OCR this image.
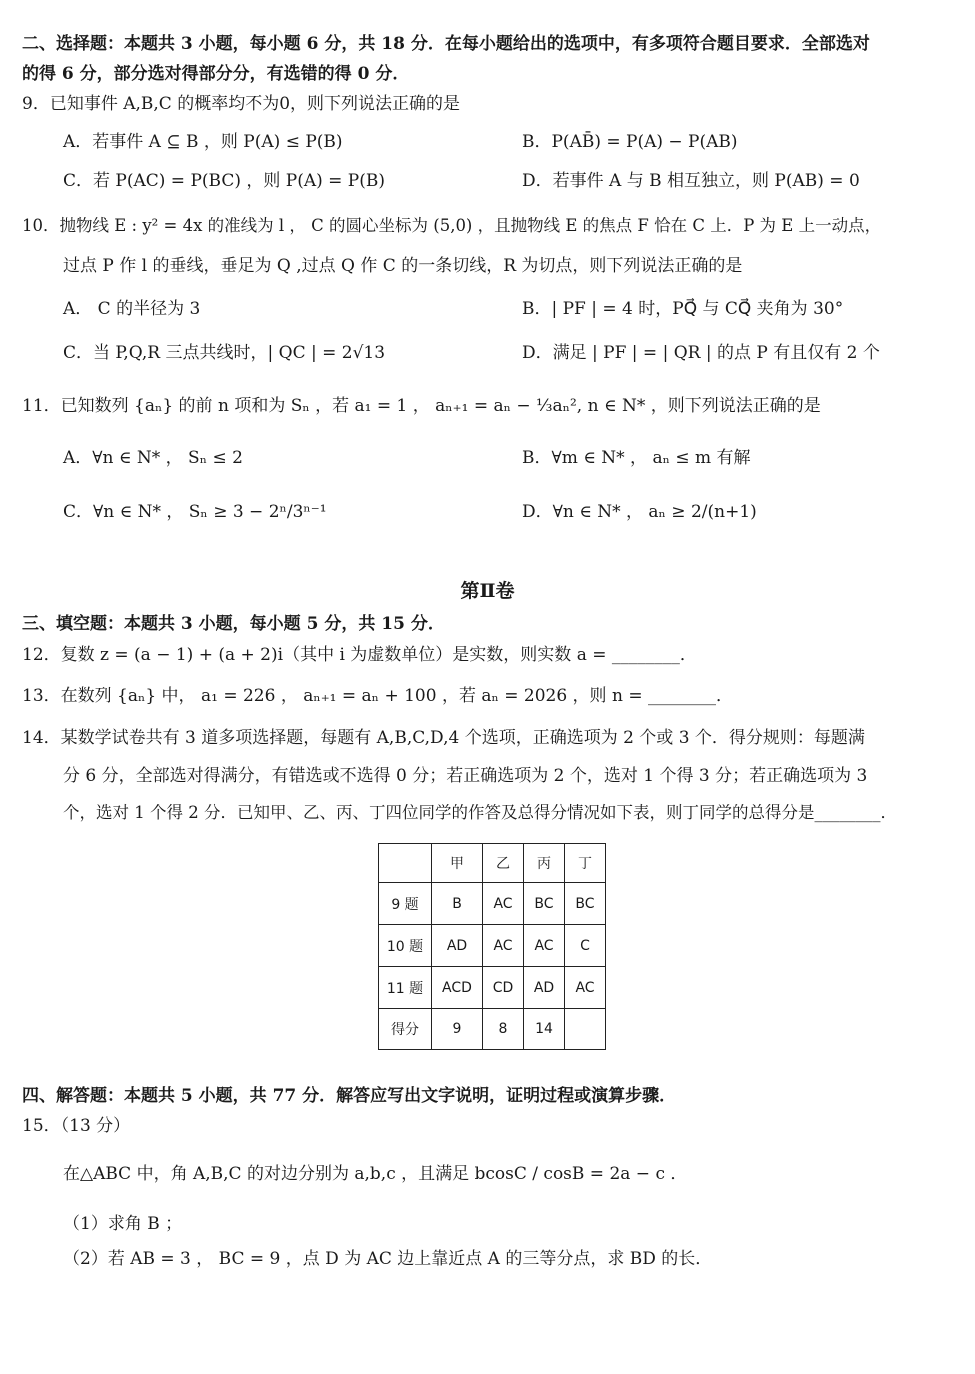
二、选择题：本题共 3 小题，每小题 6 分，共 18 分．在每小题给出的选项中，有多项符合题目要求．全部选对
的得 6 分，部分选对得部分分，有选错的得 0 分．
9．已知事件 A,B,C 的概率均不为0，则下列说法正确的是
A．若事件 A ⊆ B ，则 P(A) ≤ P(B)	B．P(AB̄) = P(A) − P(AB)
C．若 P(AC) = P(BC) ，则 P(A) = P(B)	D．若事件 A 与 B 相互独立，则 P(AB) = 0
10．抛物线 E : y² = 4x 的准线为 l ， C 的圆心坐标为 (5,0) ，且抛物线 E 的焦点 F 恰在 C 上．P 为 E 上一动点，
过点 P 作 l 的垂线，垂足为 Q ,过点 Q 作 C 的一条切线，R 为切点，则下列说法正确的是
A． C 的半径为 3	B．| PF | = 4 时，PQ⃗ 与 CQ⃗ 夹角为 30°
C．当 P,Q,R 三点共线时，| QC | = 2√13	D．满足 | PF | = | QR | 的点 P 有且仅有 2 个
11．已知数列 {aₙ} 的前 n 项和为 Sₙ ，若 a₁ = 1 ， aₙ₊₁ = aₙ − ⅓aₙ², n ∈ N* ，则下列说法正确的是
A．∀n ∈ N* ， Sₙ ≤ 2	B．∀m ∈ N* ， aₙ ≤ m 有解
C．∀n ∈ N* ， Sₙ ≥ 3 − 2ⁿ/3ⁿ⁻¹	D．∀n ∈ N* ， aₙ ≥ 2/(n+1)
第Ⅱ卷
三、填空题：本题共 3 小题，每小题 5 分，共 15 分．
12．复数 z = (a − 1) + (a + 2)i（其中 i 为虚数单位）是实数，则实数 a = ________．
13．在数列 {aₙ} 中， a₁ = 226 ， aₙ₊₁ = aₙ + 100 ，若 aₙ = 2026 ，则 n = ________．
14．某数学试卷共有 3 道多项选择题，每题有 A,B,C,D,4 个选项，正确选项为 2 个或 3 个．得分规则：每题满
分 6 分，全部选对得满分，有错选或不选得 0 分；若正确选项为 2 个，选对 1 个得 3 分；若正确选项为 3
个，选对 1 个得 2 分．已知甲、乙、丙、丁四位同学的作答及总得分情况如下表，则丁同学的总得分是________．
	甲	乙	丙	丁
9 题	B	AC	BC	BC
10 题	AD	AC	AC	C
11 题	ACD	CD	AD	AC
得分	9	8	14	
四、解答题：本题共 5 小题，共 77 分．解答应写出文字说明，证明过程或演算步骤．
15．（13 分）
在△ABC 中，角 A,B,C 的对边分别为 a,b,c ，且满足 bcosC / cosB = 2a − c ．
（1）求角 B ；
（2）若 AB = 3 ， BC = 9 ，点 D 为 AC 边上靠近点 A 的三等分点，求 BD 的长．
